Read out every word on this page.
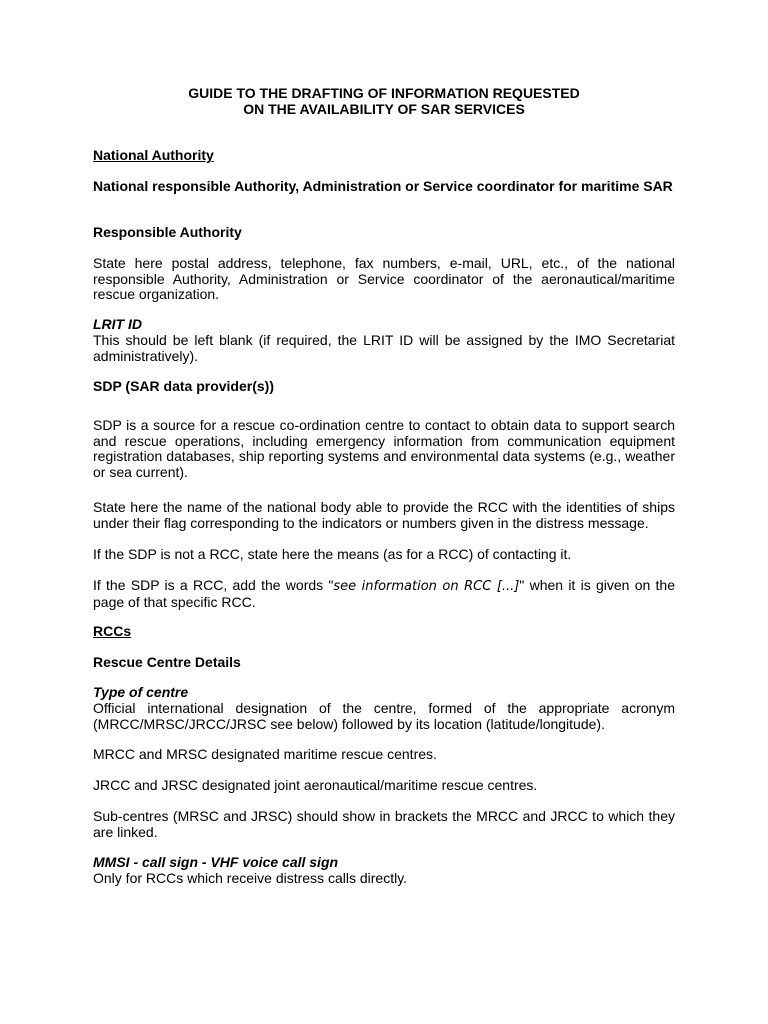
GUIDE TO THE DRAFTING OF INFORMATION REQUESTED
ON THE AVAILABILITY OF SAR SERVICES
National Authority
National responsible Authority, Administration or Service coordinator for maritime SAR
Responsible Authority

State here postal address, telephone, fax numbers, e-mail, URL, etc., of the national responsible Authority, Administration or Service coordinator of the aeronautical/maritime rescue organization.

LRIT ID

This should be left blank (if required, the LRIT ID will be assigned by the IMO Secretariat administratively).

SDP (SAR data provider(s))

SDP is a source for a rescue co-ordination centre to contact to obtain data to support search and rescue operations, including emergency information from communication equipment registration databases, ship reporting systems and environmental data systems (e.g., weather or sea current).

State here the name of the national body able to provide the RCC with the identities of ships under their flag corresponding to the indicators or numbers given in the distress message.

If the SDP is not a RCC, state here the means (as for a RCC) of contacting it.

If the SDP is a RCC, add the words "see information on RCC [...]" when it is given on the page of that specific RCC.

RCCs
Rescue Centre Details
Type of centre

Official international designation of the centre, formed of the appropriate acronym (MRCC/MRSC/JRCC/JRSC see below) followed by its location (latitude/longitude).

MRCC and MRSC designated maritime rescue centres.

JRCC and JRSC designated joint aeronautical/maritime rescue centres.

Sub-centres (MRSC and JRSC) should show in brackets the MRCC and JRCC to which they are linked.

MMSI - call sign - VHF voice call sign

Only for RCCs which receive distress calls directly.
